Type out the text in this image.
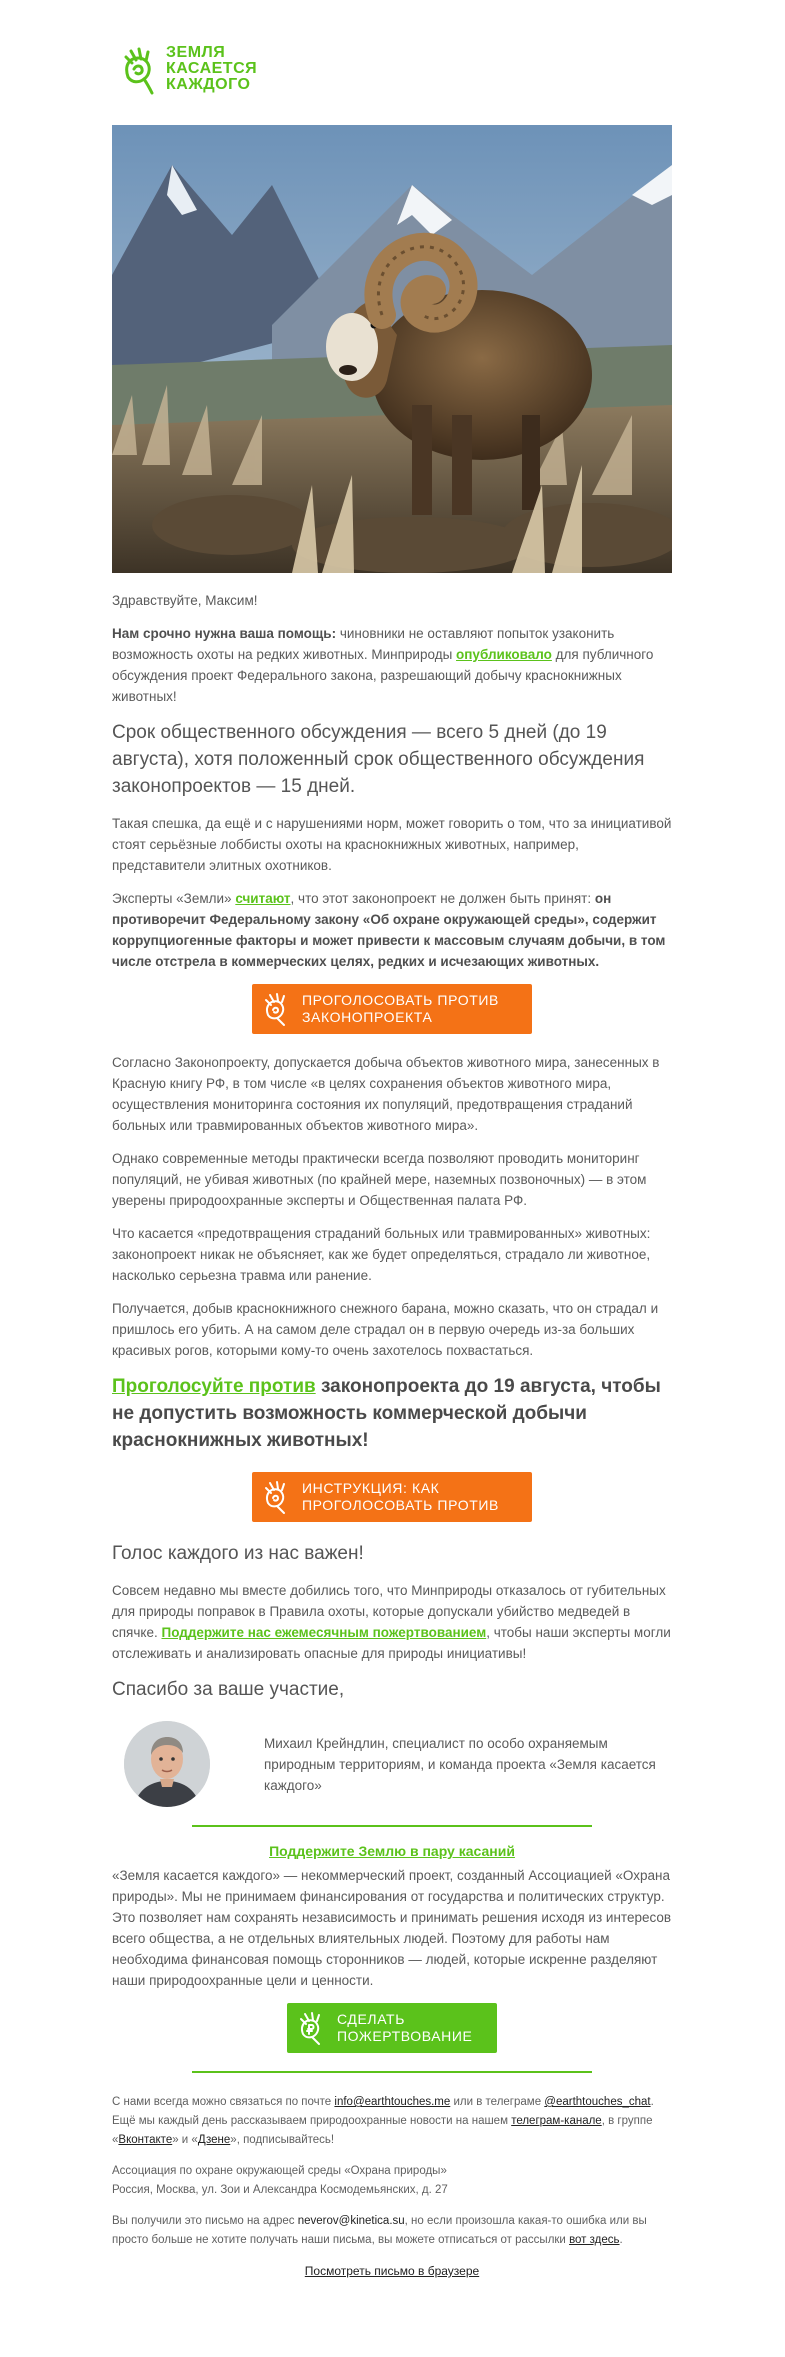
ЗЕМЛЯ
КАСАЕТСЯ
КАЖДОГО

Здравствуйте, Максим!

Нам срочно нужна ваша помощь: чиновники не оставляют попыток узаконить возможность охоты на редких животных. Минприроды опубликовало для публичного обсуждения проект Федерального закона, разрешающий добычу краснокнижных животных!

Срок общественного обсуждения — всего 5 дней (до 19 августа), хотя положенный срок общественного обсуждения законопроектов — 15 дней.

Такая спешка, да ещё и с нарушениями норм, может говорить о том, что за инициативой стоят серьёзные лоббисты охоты на краснокнижных животных, например, представители элитных охотников.

Эксперты «Земли» считают, что этот законопроект не должен быть принят: он противоречит Федеральному закону «Об охране окружающей среды», содержит коррупциогенные факторы и может привести к массовым случаям добычи, в том числе отстрела в коммерческих целях, редких и исчезающих животных.

ПРОГОЛОСОВАТЬ ПРОТИВ ЗАКОНОПРОЕКТА

Согласно Законопроекту, допускается добыча объектов животного мира, занесенных в Красную книгу РФ, в том числе «в целях сохранения объектов животного мира, осуществления мониторинга состояния их популяций, предотвращения страданий больных или травмированных объектов животного мира».

Однако современные методы практически всегда позволяют проводить мониторинг популяций, не убивая животных (по крайней мере, наземных позвоночных) — в этом уверены природоохранные эксперты и Общественная палата РФ.

Что касается «предотвращения страданий больных или травмированных» животных: законопроект никак не объясняет, как же будет определяться, страдало ли животное, насколько серьезна травма или ранение.

Получается, добыв краснокнижного снежного барана, можно сказать, что он страдал и пришлось его убить. А на самом деле страдал он в первую очередь из-за больших красивых рогов, которыми кому-то очень захотелось похвастаться.

Проголосуйте против законопроекта до 19 августа, чтобы не допустить возможность коммерческой добычи краснокнижных животных!
ИНСТРУКЦИЯ: КАК ПРОГОЛОСОВАТЬ ПРОТИВ
Голос каждого из нас важен!

Совсем недавно мы вместе добились того, что Минприроды отказалось от губительных для природы поправок в Правила охоты, которые допускали убийство медведей в спячке. Поддержите нас ежемесячным пожертвованием, чтобы наши эксперты могли отслеживать и анализировать опасные для природы инициативы!

Спасибо за ваше участие,
Михаил Крейндлин, специалист по особо охраняемым природным территориям, и команда проекта «Земля касается каждого»
Поддержите Землю в пару касаний

«Земля касается каждого» — некоммерческий проект, созданный Ассоциацией «Охрана природы». Мы не принимаем финансирования от государства и политических структур. Это позволяет нам сохранять независимость и принимать решения исходя из интересов всего общества, а не отдельных влиятельных людей. Поэтому для работы нам необходима финансовая помощь сторонников — людей, которые искренне разделяют наши природоохранные цели и ценности.

СДЕЛАТЬ ПОЖЕРТВОВАНИЕ

С нами всегда можно связаться по почте info@earthtouches.me или в телеграме @earthtouches_chat. Ещё мы каждый день рассказываем природоохранные новости на нашем телеграм-канале, в группе «Вконтакте» и «Дзене», подписывайтесь!

Ассоциация по охране окружающей среды «Охрана природы»
Россия, Москва, ул. Зои и Александра Космодемьянских, д. 27

Вы получили это письмо на адрес neverov@kinetica.su, но если произошла какая-то ошибка или вы просто больше не хотите получать наши письма, вы можете отписаться от рассылки вот здесь.

Посмотреть письмо в браузере
